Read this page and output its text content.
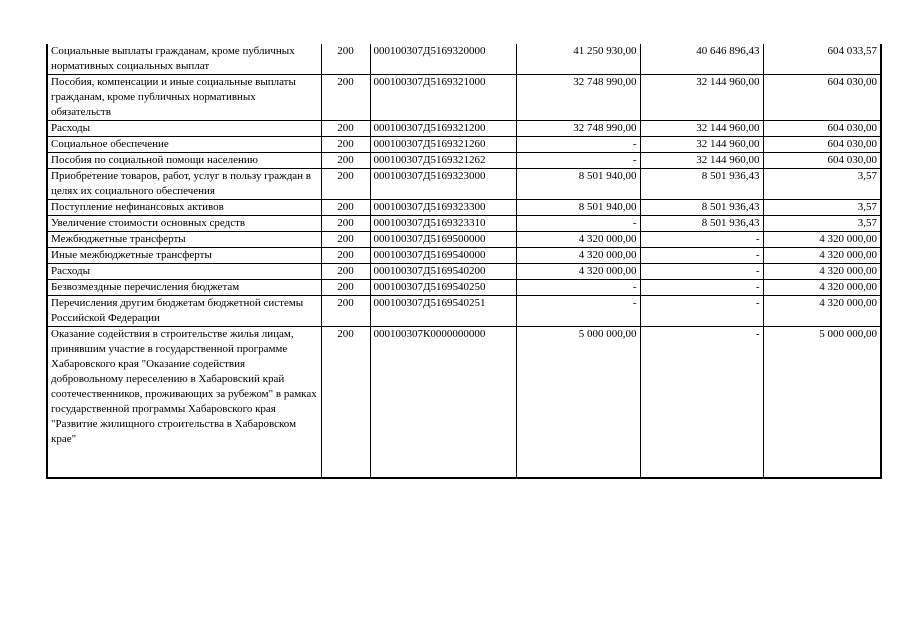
Социальные выплаты гражданам, кроме публичных нормативных социальных выплат	200	000100307Д5169320000	41 250 930,00	40 646 896,43	604 033,57
Пособия, компенсации и иные социальные выплаты гражданам, кроме публичных нормативных обязательств	200	000100307Д5169321000	32 748 990,00	32 144 960,00	604 030,00
Расходы	200	000100307Д5169321200	32 748 990,00	32 144 960,00	604 030,00
Социальное обеспечение	200	000100307Д5169321260	-	32 144 960,00	604 030,00
Пособия по социальной помощи населению	200	000100307Д5169321262	-	32 144 960,00	604 030,00
Приобретение товаров, работ, услуг в пользу граждан в целях их социального обеспечения	200	000100307Д5169323000	8 501 940,00	8 501 936,43	3,57
Поступление нефинансовых активов	200	000100307Д5169323300	8 501 940,00	8 501 936,43	3,57
Увеличение стоимости основных средств	200	000100307Д5169323310	-	8 501 936,43	3,57
Межбюджетные трансферты	200	000100307Д5169500000	4 320 000,00	-	4 320 000,00
Иные межбюджетные трансферты	200	000100307Д5169540000	4 320 000,00	-	4 320 000,00
Расходы	200	000100307Д5169540200	4 320 000,00	-	4 320 000,00
Безвозмездные перечисления бюджетам	200	000100307Д5169540250	-	-	4 320 000,00
Перечисления другим бюджетам бюджетной системы Российской Федерации	200	000100307Д5169540251	-	-	4 320 000,00
Оказание содействия в строительстве жилья лицам, принявшим участие в государственной программе Хабаровского края "Оказание содействия добровольному переселению в Хабаровский край соотечественников, проживающих за рубежом" в рамках государственной программы Хабаровского края "Развитие жилищного строительства в Хабаровском крае"	200	000100307К0000000000	5 000 000,00	-	5 000 000,00
